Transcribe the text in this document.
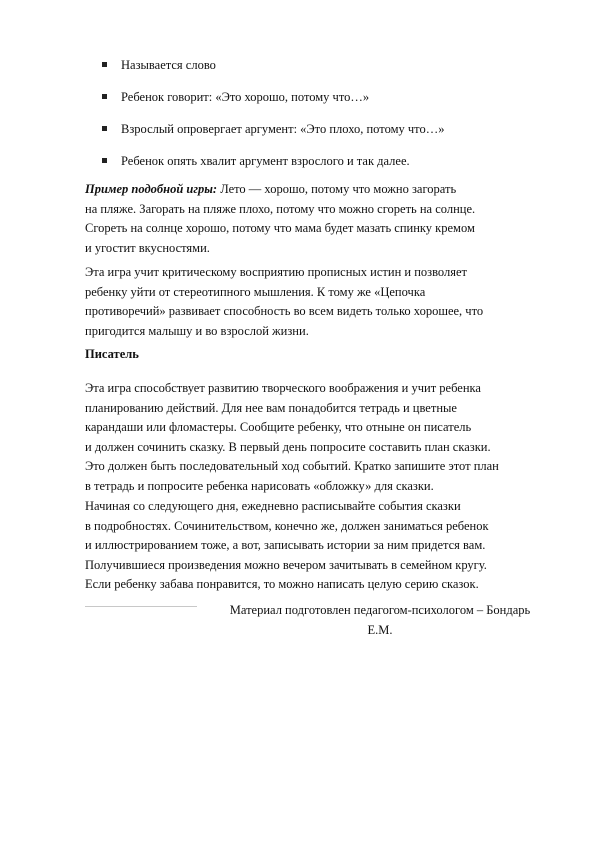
Называется слово
Ребенок говорит: «Это хорошо, потому что…»
Взрослый опровергает аргумент: «Это плохо, потому что…»
Ребенок опять хвалит аргумент взрослого и так далее.
Пример подобной игры: Лето — хорошо, потому что можно загорать
на пляже. Загорать на пляже плохо, потому что можно сгореть на солнце.
Сгореть на солнце хорошо, потому что мама будет мазать спинку кремом
и угостит вкусностями.
Эта игра учит критическому восприятию прописных истин и позволяет
ребенку уйти от стереотипного мышления. К тому же «Цепочка
противоречий» развивает способность во всем видеть только хорошее, что
пригодится малышу и во взрослой жизни.
Писатель
Эта игра способствует развитию творческого воображения и учит ребенка
планированию действий. Для нее вам понадобится тетрадь и цветные
карандаши или фломастеры. Сообщите ребенку, что отныне он писатель
и должен сочинить сказку. В первый день попросите составить план сказки.
Это должен быть последовательный ход событий. Кратко запишите этот план
в тетрадь и попросите ребенка нарисовать «обложку» для сказки.
Начиная со следующего дня, ежедневно расписывайте события сказки
в подробностях. Сочинительством, конечно же, должен заниматься ребенок
и иллюстрированием тоже, а вот, записывать истории за ним придется вам.
Получившиеся произведения можно вечером зачитывать в семейном кругу.
Если ребенку забава понравится, то можно написать целую серию сказок.
Материал подготовлен педагогом-психологом – Бондарь
Е.М.
